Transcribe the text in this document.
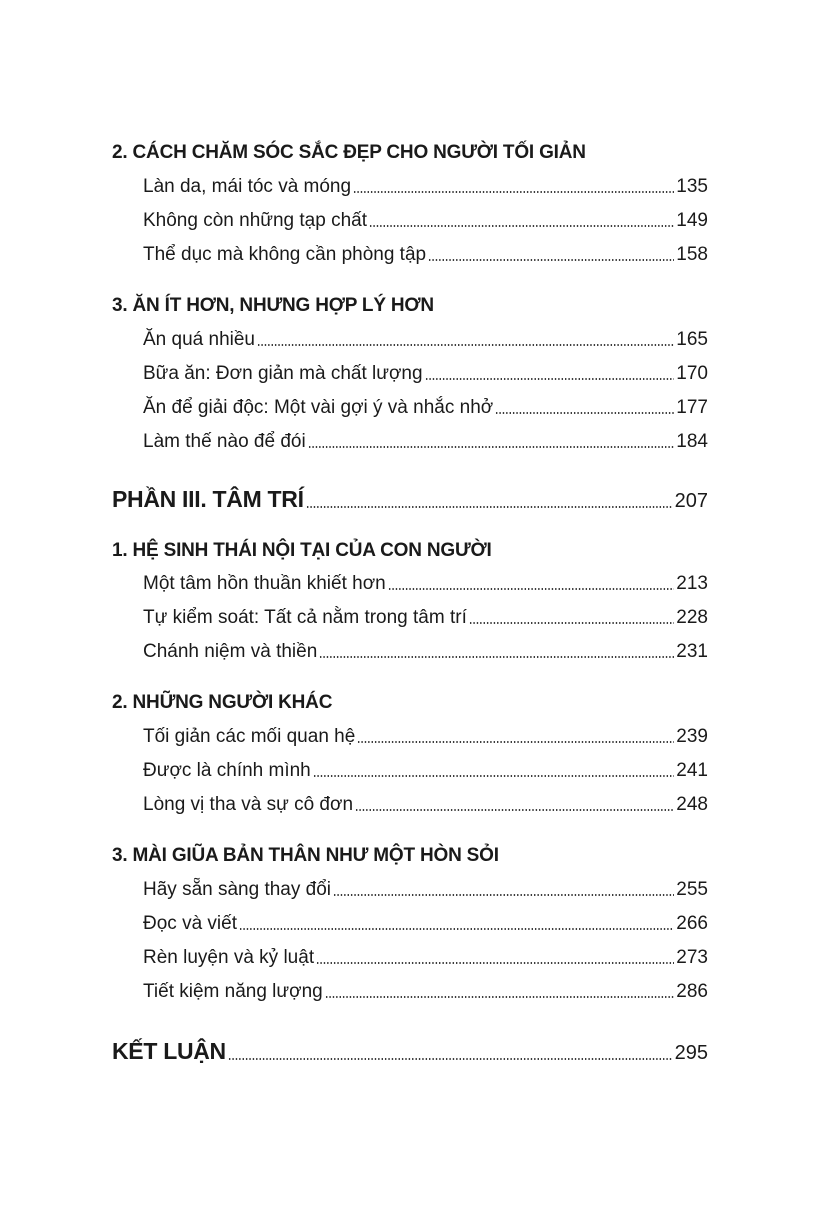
2. CÁCH CHĂM SÓC SẮC ĐẸP CHO NGƯỜI TỐI GIẢN
Làn da, mái tóc và móng	135
Không còn những tạp chất	149
Thể dục mà không cần phòng tập	158
3. ĂN ÍT HƠN, NHƯNG HỢP LÝ HƠN
Ăn quá nhiều	165
Bữa ăn: Đơn giản mà chất lượng	170
Ăn để giải độc: Một vài gợi ý và nhắc nhở	177
Làm thế nào để đói	184
PHẦN III. TÂM TRÍ	207
1. HỆ SINH THÁI NỘI TẠI CỦA CON NGƯỜI
Một tâm hồn thuần khiết hơn	213
Tự kiểm soát: Tất cả nằm trong tâm trí	228
Chánh niệm và thiền	231
2. NHỮNG NGƯỜI KHÁC
Tối giản các mối quan hệ	239
Được là chính mình	241
Lòng vị tha và sự cô đơn	248
3. MÀI GIŨA BẢN THÂN NHƯ MỘT HÒN SỎI
Hãy sẵn sàng thay đổi	255
Đọc và viết	266
Rèn luyện và kỷ luật	273
Tiết kiệm năng lượng	286
KẾT LUẬN	295
